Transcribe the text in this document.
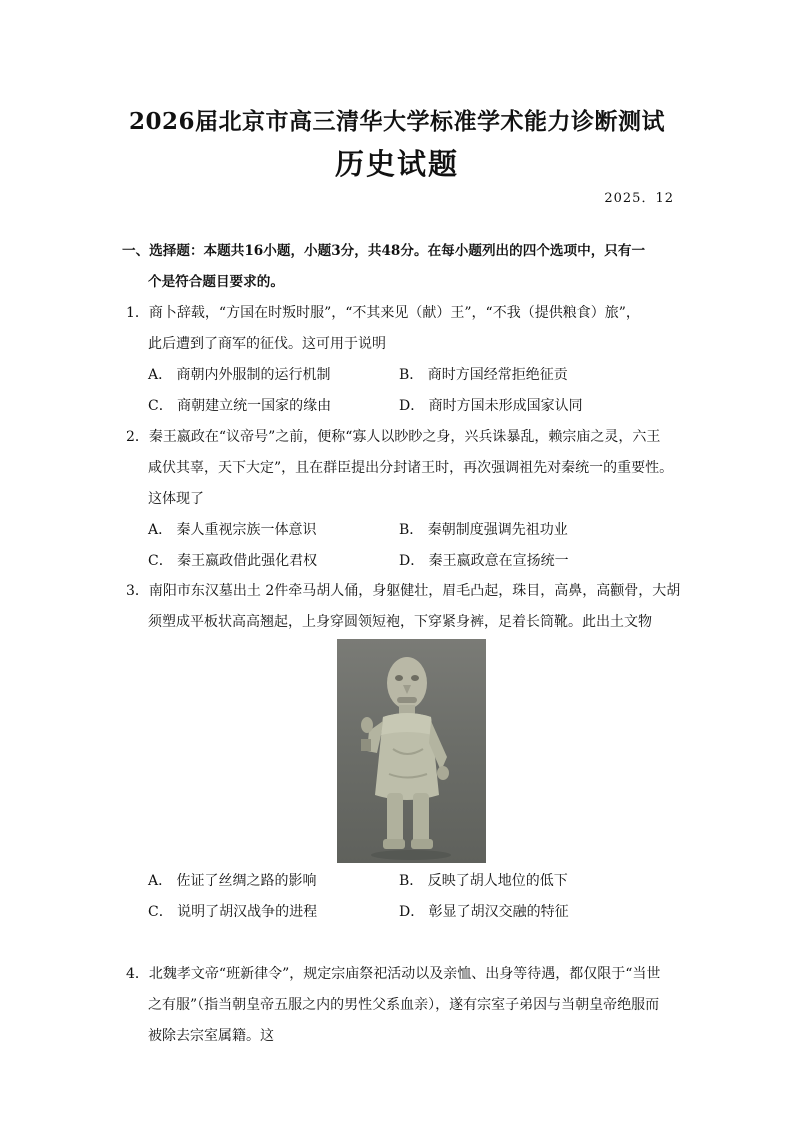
2026届北京市高三清华大学标准学术能力诊断测试
历史试题
2025．12
一、选择题：本题共16小题，小题3分，共48分。在每小题列出的四个选项中，只有一
个是符合题目要求的。
1．商卜辞载，“方国在时叛时服”，“不其来见（献）王”，“不我（提供粮食）旅”，
此后遭到了商军的征伐。这可用于说明
A． 商朝内外服制的运行机制	B． 商时方国经常拒绝征贡
C． 商朝建立统一国家的缘由	D． 商时方国未形成国家认同
2．秦王嬴政在“议帝号”之前，便称“寡人以眇眇之身，兴兵诛暴乱，赖宗庙之灵，六王
咸伏其辜，天下大定”，且在群臣提出分封诸王时，再次强调祖先对秦统一的重要性。
这体现了
A． 秦人重视宗族一体意识	B． 秦朝制度强调先祖功业
C． 秦王嬴政借此强化君权	D． 秦王嬴政意在宣扬统一
3．南阳市东汉墓出土 2件牵马胡人俑，身躯健壮，眉毛凸起，珠目，高鼻，高颧骨，大胡
须塑成平板状高高翘起，上身穿圆领短袍，下穿紧身裤，足着长筒靴。此出土文物
A． 佐证了丝绸之路的影响	B． 反映了胡人地位的低下
C． 说明了胡汉战争的进程	D． 彰显了胡汉交融的特征
4．北魏孝文帝“班新律令”，规定宗庙祭祀活动以及亲恤、出身等待遇，都仅限于“当世
之有服”（指当朝皇帝五服之内的男性父系血亲），遂有宗室子弟因与当朝皇帝绝服而
被除去宗室属籍。这
